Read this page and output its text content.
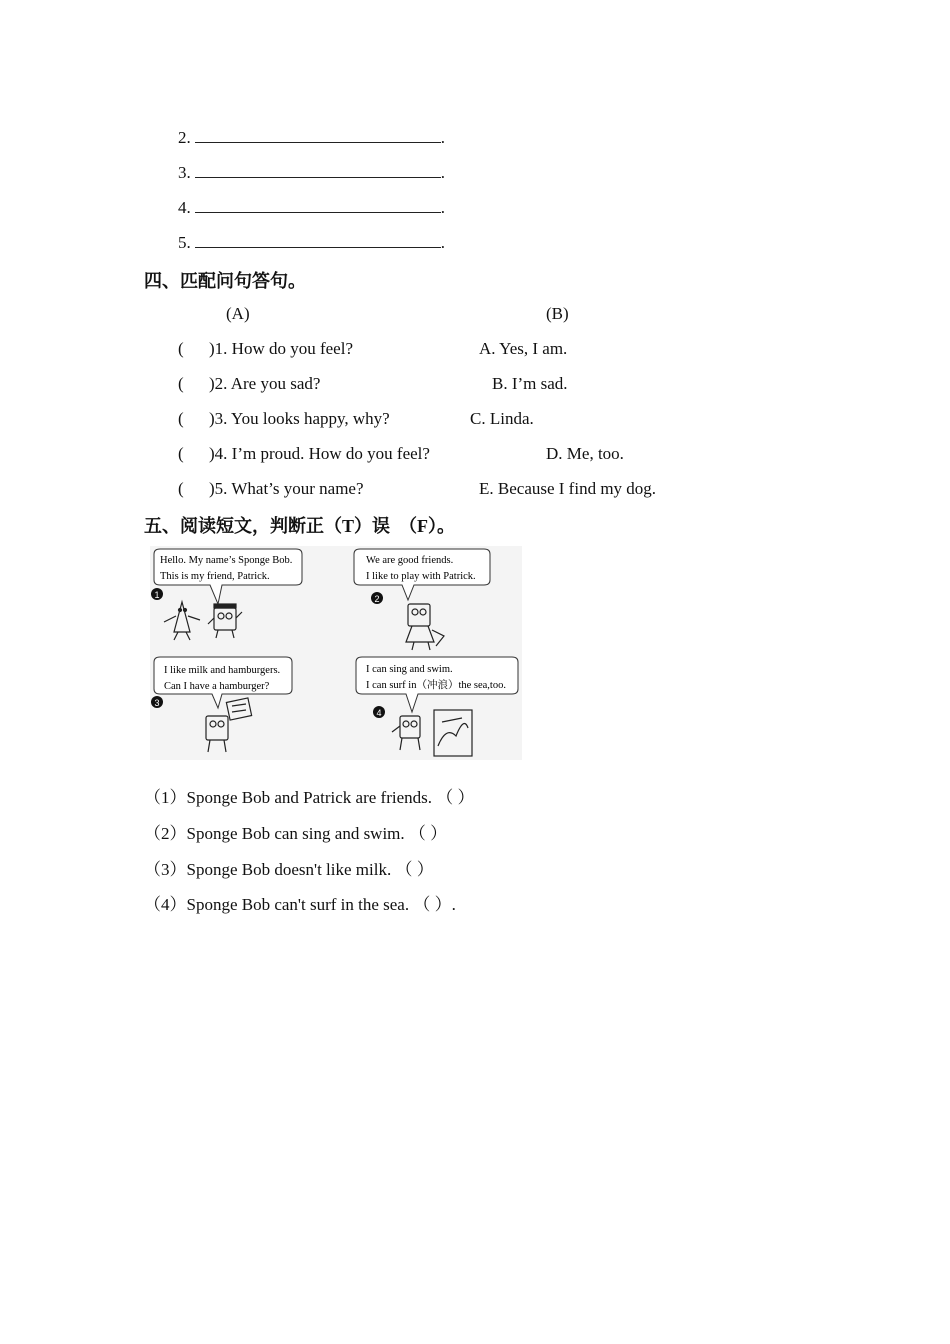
2.	.
3.	.
4.	.
5.	.
四、匹配问句答句。
(A)	(B)
( )1. How do you feel?	A. Yes, I am.
( )2. Are you sad?	B. I’m sad.
( )3. You looks happy, why?	C. Linda.
( )4. I’m proud. How do you feel?	D. Me, too.
( )5. What’s your name?	E. Because I find my dog.
五、阅读短文，判断正（T）误　（F）。
Hello. My name’s Sponge Bob.
This is my friend, Patrick.
1
We are good friends.
I like to play with Patrick.
2
I like milk and hamburgers.
Can I have a hamburger?
3
I can sing and swim.
I can surf in（冲浪）the sea,too.
4
（1）Sponge Bob and Patrick are friends. （ ）
（2）Sponge Bob can sing and swim. （ ）
（3）Sponge Bob doesn't like milk. （ ）
（4）Sponge Bob can't surf in the sea. （ ）.
